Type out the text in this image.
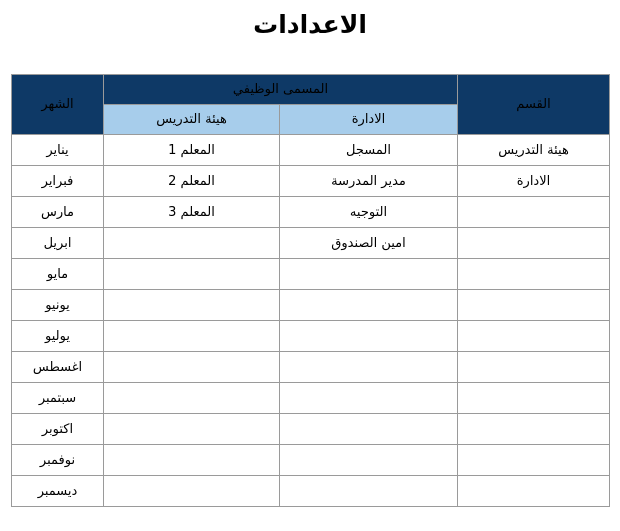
الاعدادات
الشهر	المسمى الوظيفي		القسم
	هيئة التدريس	الادارة	
يناير	المعلم 1	المسجل	هيئة التدريس
فبراير	المعلم 2	مدير المدرسة	الادارة
مارس	المعلم 3	التوجيه	
ابريل		امين الصندوق	
مايو			
يونيو			
يوليو			
اغسطس			
سبتمبر			
اكتوبر			
نوفمبر			
ديسمبر			
